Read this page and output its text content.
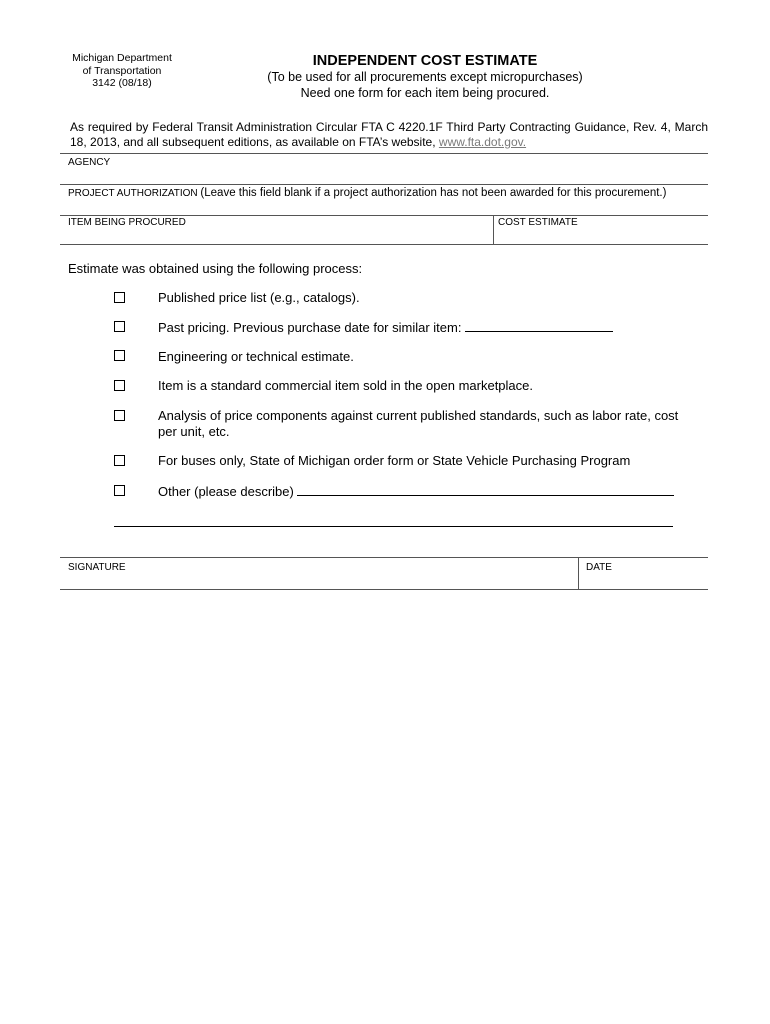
Michigan Department
of Transportation
3142 (08/18)
INDEPENDENT COST ESTIMATE
(To be used for all procurements except micropurchases)
Need one form for each item being procured.
As required by Federal Transit Administration Circular FTA C 4220.1F Third Party Contracting Guidance, Rev. 4, March 18, 2013, and all subsequent editions, as available on FTA’s website, www.fta.dot.gov.
AGENCY
PROJECT AUTHORIZATION (Leave this field blank if a project authorization has not been awarded for this procurement.)
ITEM BEING PROCURED	COST ESTIMATE
Estimate was obtained using the following process:
Published price list (e.g., catalogs).
Past pricing. Previous purchase date for similar item:
Engineering or technical estimate.
Item is a standard commercial item sold in the open marketplace.
Analysis of price components against current published standards, such as labor rate, cost per unit, etc.
For buses only, State of Michigan order form or State Vehicle Purchasing Program
Other (please describe)
SIGNATURE	DATE
